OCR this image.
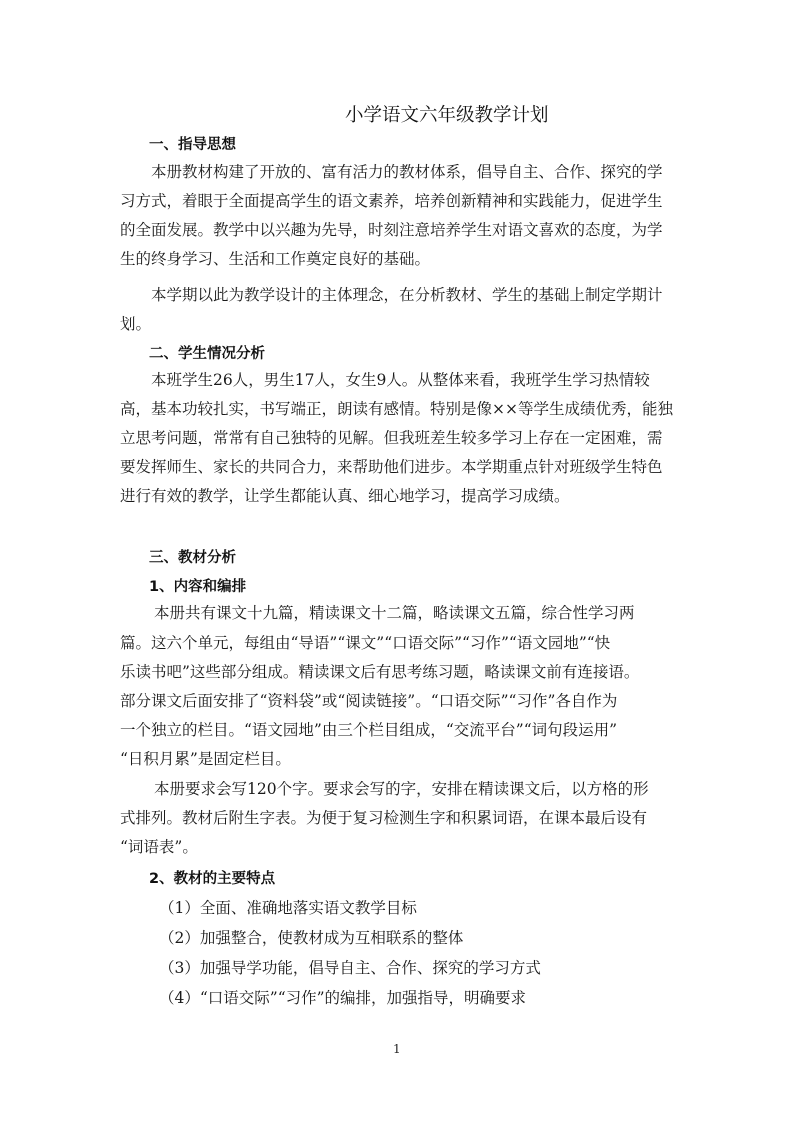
小学语文六年级教学计划
一、指导思想
本册教材构建了开放的、富有活力的教材体系，倡导自主、合作、探究的学习方式，着眼于全面提高学生的语文素养，培养创新精神和实践能力，促进学生的全面发展。教学中以兴趣为先导，时刻注意培养学生对语文喜欢的态度，为学生的终身学习、生活和工作奠定良好的基础。
本学期以此为教学设计的主体理念，在分析教材、学生的基础上制定学期计划。
二、学生情况分析
本班学生26人，男生17人，女生9人。从整体来看，我班学生学习热情较高，基本功较扎实，书写端正，朗读有感情。特别是像××等学生成绩优秀，能独立思考问题，常常有自己独特的见解。但我班差生较多学习上存在一定困难，需要发挥师生、家长的共同合力，来帮助他们进步。本学期重点针对班级学生特色进行有效的教学，让学生都能认真、细心地学习，提高学习成绩。
三、教材分析
1、内容和编排
本册共有课文十九篇，精读课文十二篇，略读课文五篇，综合性学习两
篇。这六个单元，每组由“导语”“课文”“口语交际”“习作”“语文园地”“快
乐读书吧”这些部分组成。精读课文后有思考练习题，略读课文前有连接语。
部分课文后面安排了“资料袋”或“阅读链接”。“口语交际”“习作”各自作为
一个独立的栏目。“语文园地”由三个栏目组成，“交流平台”“词句段运用”
“日积月累”是固定栏目。
本册要求会写120个字。要求会写的字，安排在精读课文后，以方格的形
式排列。教材后附生字表。为便于复习检测生字和积累词语，在课本最后设有
“词语表”。
2、教材的主要特点
（1）全面、准确地落实语文教学目标
（2）加强整合，使教材成为互相联系的整体
（3）加强导学功能，倡导自主、合作、探究的学习方式
（4）“口语交际”“习作”的编排，加强指导，明确要求
1
